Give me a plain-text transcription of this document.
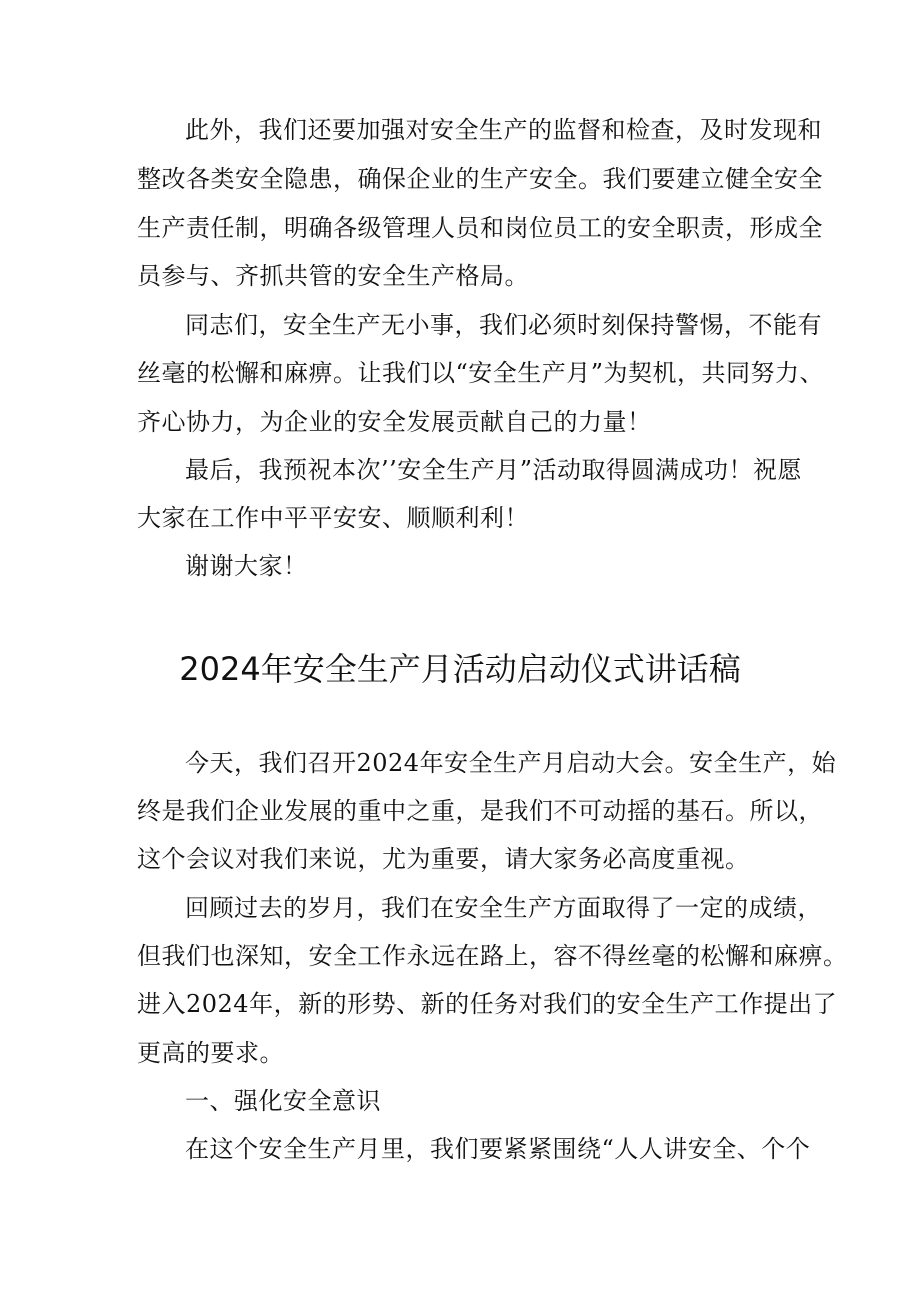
此外，我们还要加强对安全生产的监督和检查，及时发现和
整改各类安全隐患，确保企业的生产安全。我们要建立健全安全
生产责任制，明确各级管理人员和岗位员工的安全职责，形成全
员参与、齐抓共管的安全生产格局。
同志们，安全生产无小事，我们必须时刻保持警惕，不能有
丝毫的松懈和麻痹。让我们以“安全生产月”为契机，共同努力、
齐心协力，为企业的安全发展贡献自己的力量！
最后，我预祝本次’’安全生产月”活动取得圆满成功！祝愿
大家在工作中平平安安、顺顺利利！
谢谢大家！
2024年安全生产月活动启动仪式讲话稿
今天，我们召开2024年安全生产月启动大会。安全生产，始
终是我们企业发展的重中之重，是我们不可动摇的基石。所以，
这个会议对我们来说，尤为重要，请大家务必高度重视。
回顾过去的岁月，我们在安全生产方面取得了一定的成绩，
但我们也深知，安全工作永远在路上，容不得丝毫的松懈和麻痹。
进入2024年，新的形势、新的任务对我们的安全生产工作提出了
更高的要求。
一、强化安全意识
在这个安全生产月里，我们要紧紧围绕“人人讲安全、个个
